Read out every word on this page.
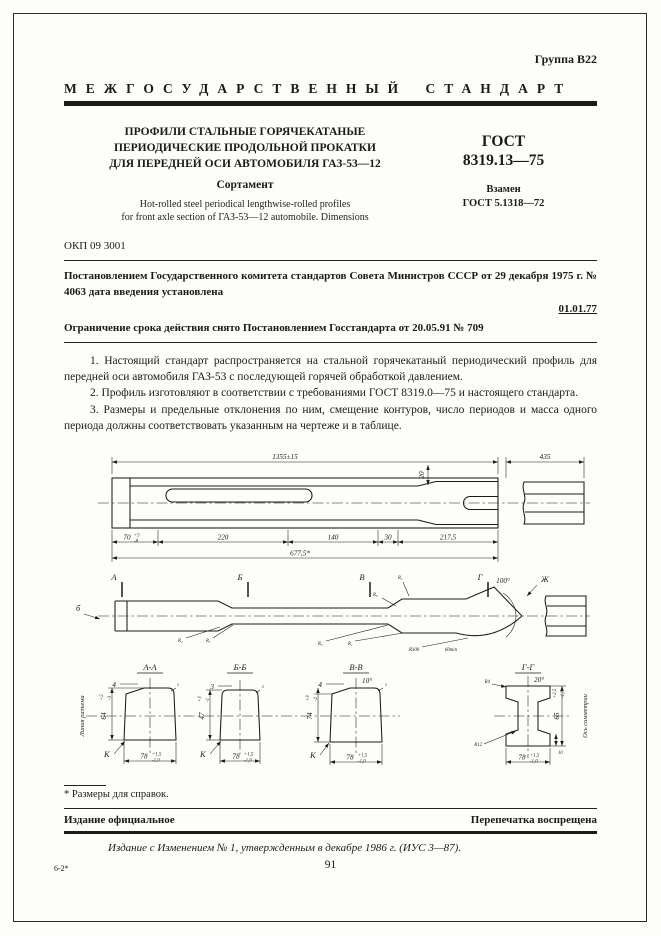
Группа В22
МЕЖГОСУДАРСТВЕННЫЙ СТАНДАРТ
ПРОФИЛИ СТАЛЬНЫЕ ГОРЯЧЕКАТАНЫЕ
ПЕРИОДИЧЕСКИЕ ПРОДОЛЬНОЙ ПРОКАТКИ
ДЛЯ ПЕРЕДНЕЙ ОСИ АВТОМОБИЛЯ ГАЗ-53—12
Сортамент
Hot-rolled steel periodical lengthwise-rolled profiles
for front axle section of ГАЗ-53—12 automobile. Dimensions
ГОСТ
8319.13—75
Взамен
ГОСТ 5.1318—72
ОКП 09 3001

Постановлением Государственного комитета стандартов Совета Министров СССР от 29 декабря 1975 г. № 4063 дата введения установлена

01.01.77

Ограничение срока действия снято Постановлением Госстандарта от 20.05.91 № 709

1. Настоящий стандарт распространяется на стальной горячекатаный периодический профиль для передней оси автомобиля ГАЗ-53 с последующей горячей обработкой давлением.

2. Профиль изготовляют в соответствии с требованиями ГОСТ 8319.0—75 и настоящего стандарта.

3. Размеры и предельные отклонения по ним, смещение контуров, число периодов и масса одного периода должны соответствовать указанным на чертеже и в таблице.

1355±15	435
20
70 +5
-8
220	140	30	217,5
677,5*
А	Б	В	Г 100°	Ж
б
R₁
R₀
R₂	R₁
R₃	R₁
R300	60min
Линия разъема	Ось симметрии
А-А
4
64
+2 -3
г
К	78 +1,5
-1,0
Б-Б
3
47
+3 -1
г
К	78 +1,5
-1,0
В-В
4	10°
74
+3 -2
г
К	78 +1,5
-1,0
Г-Г
R4	20°
65
+2,5 -1,5
R12
10
78 +1,5
-1,0
* Размеры для справок.
Издание официальное	Перепечатка воспрещена

Издание с Изменением № 1, утвержденным в декабре 1986 г. (ИУС 3—87).

6-2*	91
